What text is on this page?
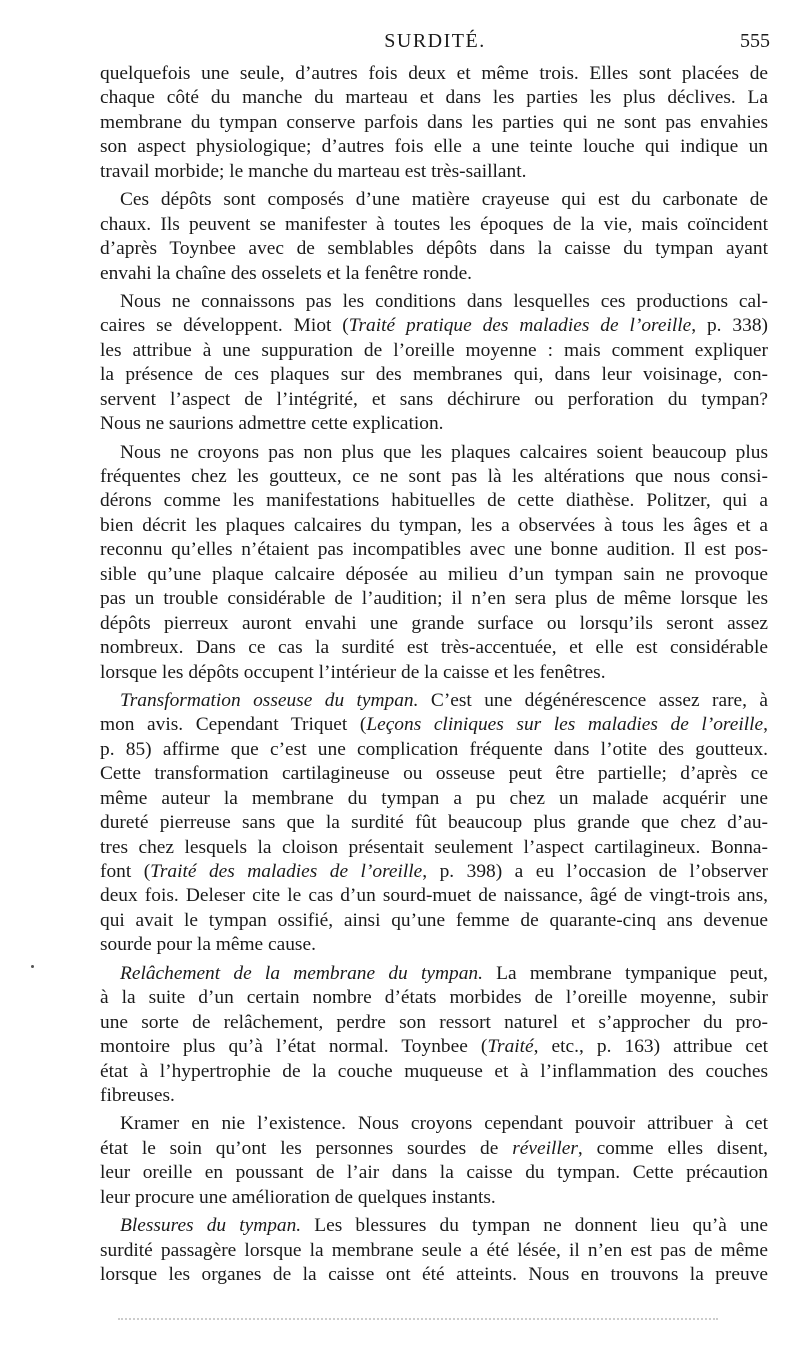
SURDITÉ.	555
quelquefois une seule, d’autres fois deux et même trois. Elles sont placées de
chaque côté du manche du marteau et dans les parties les plus déclives. La
membrane du tympan conserve parfois dans les parties qui ne sont pas envahies
son aspect physiologique; d’autres fois elle a une teinte louche qui indique un
travail morbide; le manche du marteau est très-saillant.
Ces dépôts sont composés d’une matière crayeuse qui est du carbonate de
chaux. Ils peuvent se manifester à toutes les époques de la vie, mais coïncident
d’après Toynbee avec de semblables dépôts dans la caisse du tympan ayant
envahi la chaîne des osselets et la fenêtre ronde.
Nous ne connaissons pas les conditions dans lesquelles ces productions cal-
caires se développent. Miot (Traité pratique des maladies de l’oreille, p. 338)
les attribue à une suppuration de l’oreille moyenne : mais comment expliquer
la présence de ces plaques sur des membranes qui, dans leur voisinage, con-
servent l’aspect de l’intégrité, et sans déchirure ou perforation du tympan?
Nous ne saurions admettre cette explication.
Nous ne croyons pas non plus que les plaques calcaires soient beaucoup plus
fréquentes chez les goutteux, ce ne sont pas là les altérations que nous consi-
dérons comme les manifestations habituelles de cette diathèse. Politzer, qui a
bien décrit les plaques calcaires du tympan, les a observées à tous les âges et a
reconnu qu’elles n’étaient pas incompatibles avec une bonne audition. Il est pos-
sible qu’une plaque calcaire déposée au milieu d’un tympan sain ne provoque
pas un trouble considérable de l’audition; il n’en sera plus de même lorsque les
dépôts pierreux auront envahi une grande surface ou lorsqu’ils seront assez
nombreux. Dans ce cas la surdité est très-accentuée, et elle est considérable
lorsque les dépôts occupent l’intérieur de la caisse et les fenêtres.
Transformation osseuse du tympan. C’est une dégénérescence assez rare, à
mon avis. Cependant Triquet (Leçons cliniques sur les maladies de l’oreille,
p. 85) affirme que c’est une complication fréquente dans l’otite des goutteux.
Cette transformation cartilagineuse ou osseuse peut être partielle; d’après ce
même auteur la membrane du tympan a pu chez un malade acquérir une
dureté pierreuse sans que la surdité fût beaucoup plus grande que chez d’au-
tres chez lesquels la cloison présentait seulement l’aspect cartilagineux. Bonna-
font (Traité des maladies de l’oreille, p. 398) a eu l’occasion de l’observer
deux fois. Deleser cite le cas d’un sourd-muet de naissance, âgé de vingt-trois ans,
qui avait le tympan ossifié, ainsi qu’une femme de quarante-cinq ans devenue
sourde pour la même cause.
Relâchement de la membrane du tympan. La membrane tympanique peut,
à la suite d’un certain nombre d’états morbides de l’oreille moyenne, subir
une sorte de relâchement, perdre son ressort naturel et s’approcher du pro-
montoire plus qu’à l’état normal. Toynbee (Traité, etc., p. 163) attribue cet
état à l’hypertrophie de la couche muqueuse et à l’inflammation des couches
fibreuses.
Kramer en nie l’existence. Nous croyons cependant pouvoir attribuer à cet
état le soin qu’ont les personnes sourdes de réveiller, comme elles disent,
leur oreille en poussant de l’air dans la caisse du tympan. Cette précaution
leur procure une amélioration de quelques instants.
Blessures du tympan. Les blessures du tympan ne donnent lieu qu’à une
surdité passagère lorsque la membrane seule a été lésée, il n’en est pas de même
lorsque les organes de la caisse ont été atteints. Nous en trouvons la preuve
